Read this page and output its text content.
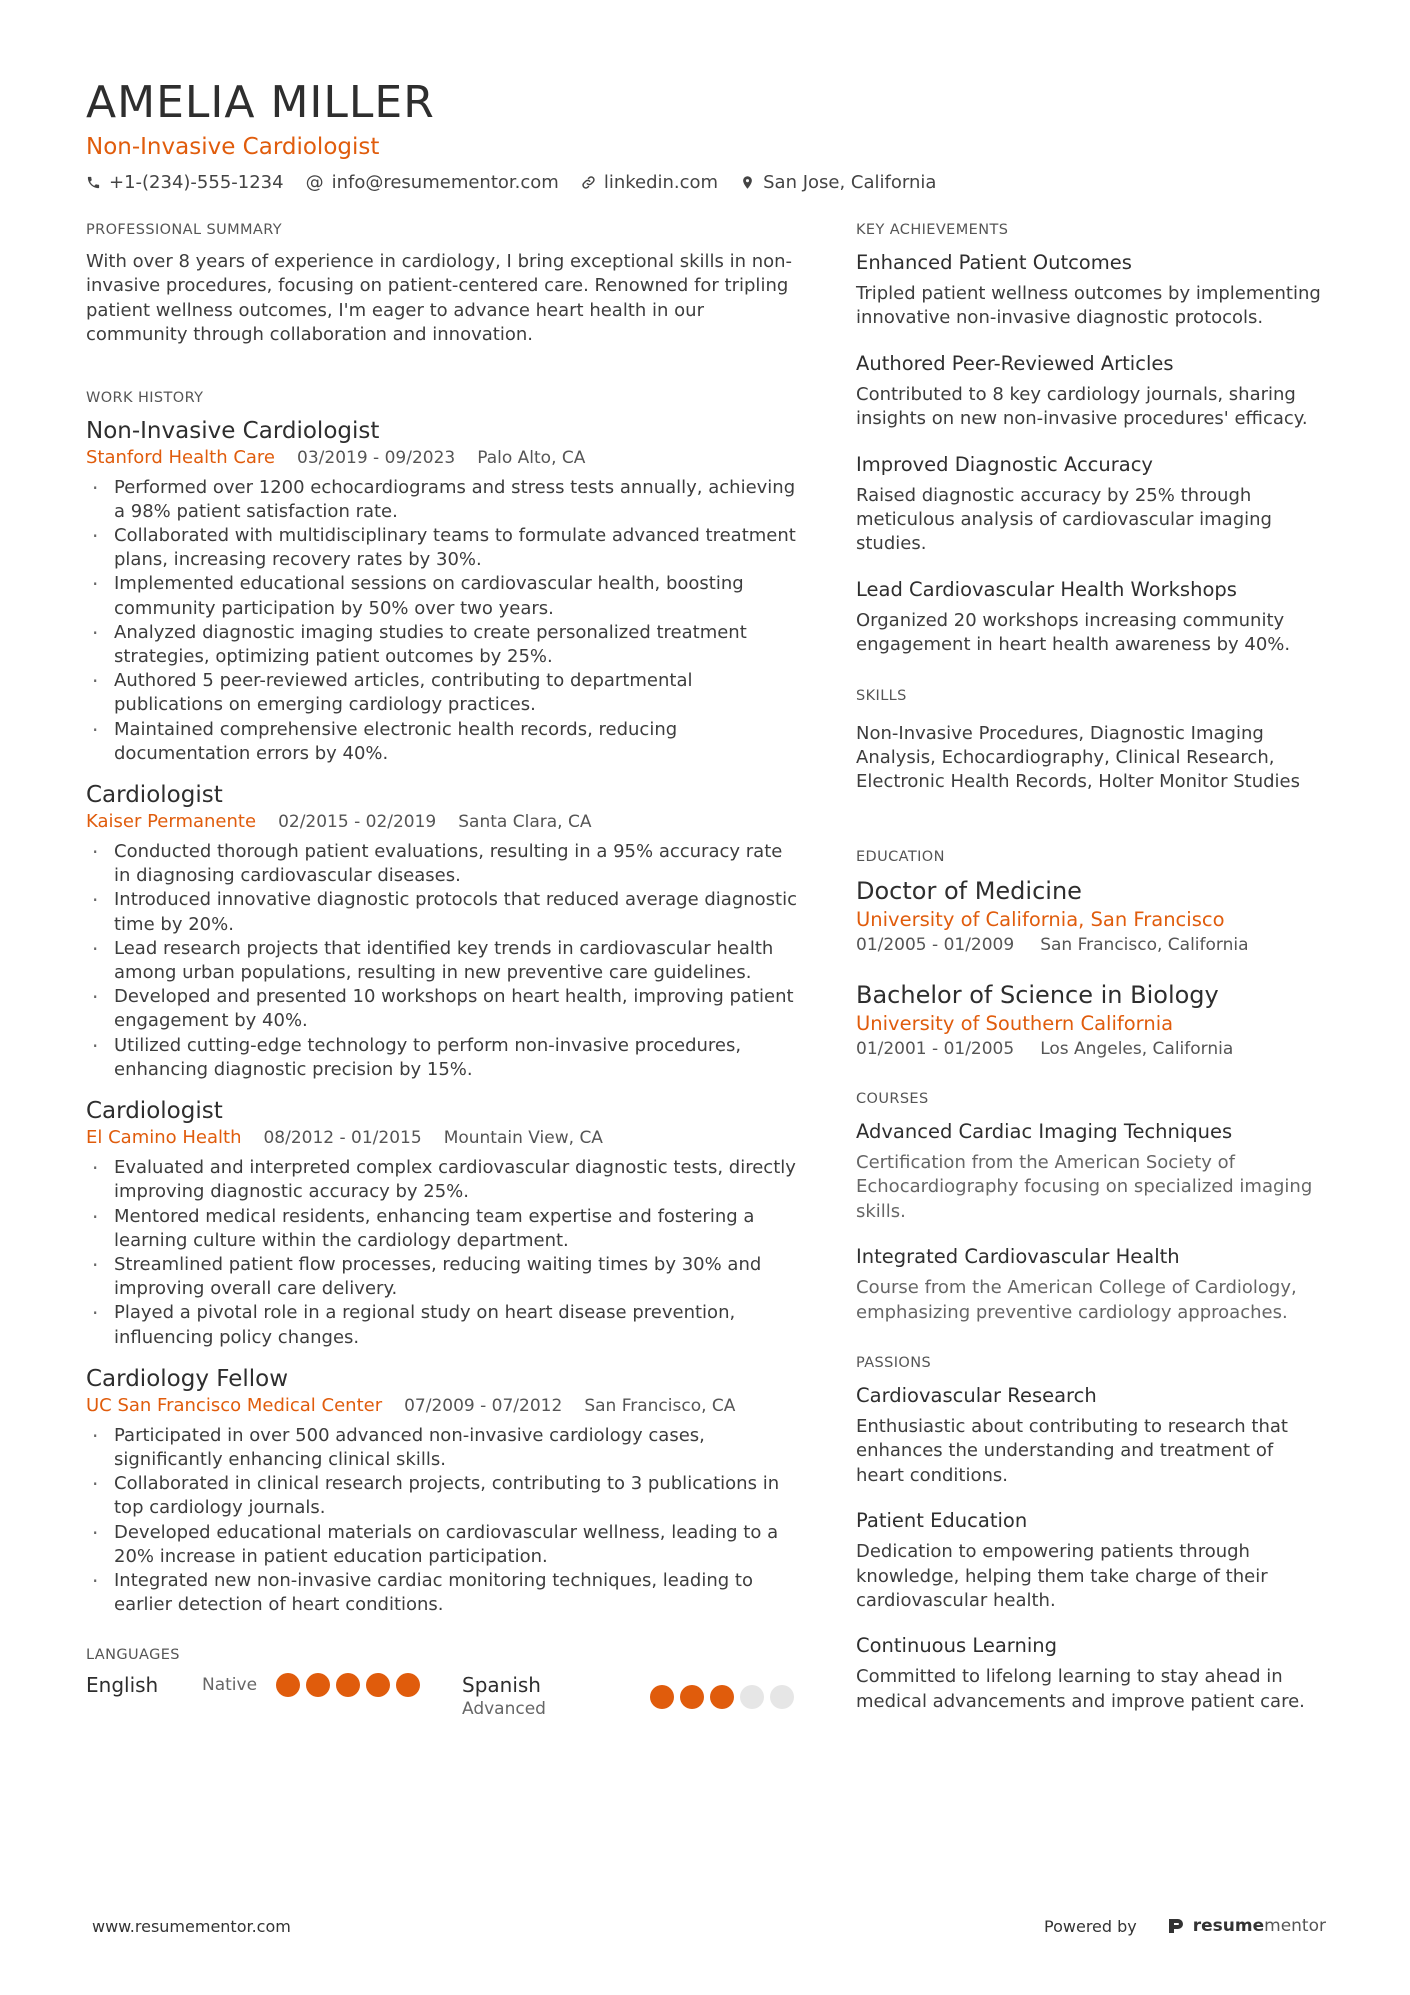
AMELIA MILLER
Non-Invasive Cardiologist
+1-(234)-555-1234 @ info@resumementor.com	linkedin.com	San Jose, California
PROFESSIONAL SUMMARY
With over 8 years of experience in cardiology, I bring exceptional skills in non-invasive procedures, focusing on patient-centered care. Renowned for tripling patient wellness outcomes, I'm eager to advance heart health in our community through collaboration and innovation.
WORK HISTORY
Non-Invasive Cardiologist
Stanford Health Care 03/2019 - 09/2023 Palo Alto, CA
· Performed over 1200 echocardiograms and stress tests annually, achieving a 98% patient satisfaction rate.
· Collaborated with multidisciplinary teams to formulate advanced treatment plans, increasing recovery rates by 30%.
· Implemented educational sessions on cardiovascular health, boosting community participation by 50% over two years.
· Analyzed diagnostic imaging studies to create personalized treatment strategies, optimizing patient outcomes by 25%.
· Authored 5 peer-reviewed articles, contributing to departmental publications on emerging cardiology practices.
· Maintained comprehensive electronic health records, reducing documentation errors by 40%.
Cardiologist
Kaiser Permanente 02/2015 - 02/2019 Santa Clara, CA
· Conducted thorough patient evaluations, resulting in a 95% accuracy rate in diagnosing cardiovascular diseases.
· Introduced innovative diagnostic protocols that reduced average diagnostic time by 20%.
· Lead research projects that identified key trends in cardiovascular health among urban populations, resulting in new preventive care guidelines.
· Developed and presented 10 workshops on heart health, improving patient engagement by 40%.
· Utilized cutting-edge technology to perform non-invasive procedures, enhancing diagnostic precision by 15%.
Cardiologist
El Camino Health 08/2012 - 01/2015 Mountain View, CA
· Evaluated and interpreted complex cardiovascular diagnostic tests, directly improving diagnostic accuracy by 25%.
· Mentored medical residents, enhancing team expertise and fostering a learning culture within the cardiology department.
· Streamlined patient flow processes, reducing waiting times by 30% and improving overall care delivery.
· Played a pivotal role in a regional study on heart disease prevention, influencing policy changes.
Cardiology Fellow
UC San Francisco Medical Center 07/2009 - 07/2012 San Francisco, CA
· Participated in over 500 advanced non-invasive cardiology cases, significantly enhancing clinical skills.
· Collaborated in clinical research projects, contributing to 3 publications in top cardiology journals.
· Developed educational materials on cardiovascular wellness, leading to a 20% increase in patient education participation.
· Integrated new non-invasive cardiac monitoring techniques, leading to earlier detection of heart conditions.
LANGUAGES
English	Native	Spanish
Advanced
KEY ACHIEVEMENTS
Enhanced Patient Outcomes
Tripled patient wellness outcomes by implementing innovative non-invasive diagnostic protocols.
Authored Peer-Reviewed Articles
Contributed to 8 key cardiology journals, sharing insights on new non-invasive procedures' efficacy.
Improved Diagnostic Accuracy
Raised diagnostic accuracy by 25% through meticulous analysis of cardiovascular imaging studies.
Lead Cardiovascular Health Workshops
Organized 20 workshops increasing community engagement in heart health awareness by 40%.
SKILLS
Non-Invasive Procedures, Diagnostic Imaging Analysis, Echocardiography, Clinical Research, Electronic Health Records, Holter Monitor Studies
EDUCATION
Doctor of Medicine
University of California, San Francisco
01/2005 - 01/2009 San Francisco, California
Bachelor of Science in Biology
University of Southern California
01/2001 - 01/2005 Los Angeles, California
COURSES
Advanced Cardiac Imaging Techniques
Certification from the American Society of Echocardiography focusing on specialized imaging skills.
Integrated Cardiovascular Health
Course from the American College of Cardiology, emphasizing preventive cardiology approaches.
PASSIONS
Cardiovascular Research
Enthusiastic about contributing to research that enhances the understanding and treatment of heart conditions.
Patient Education
Dedication to empowering patients through knowledge, helping them take charge of their cardiovascular health.
Continuous Learning
Committed to lifelong learning to stay ahead in medical advancements and improve patient care.
www.resumementor.com	Powered by	resumementor
